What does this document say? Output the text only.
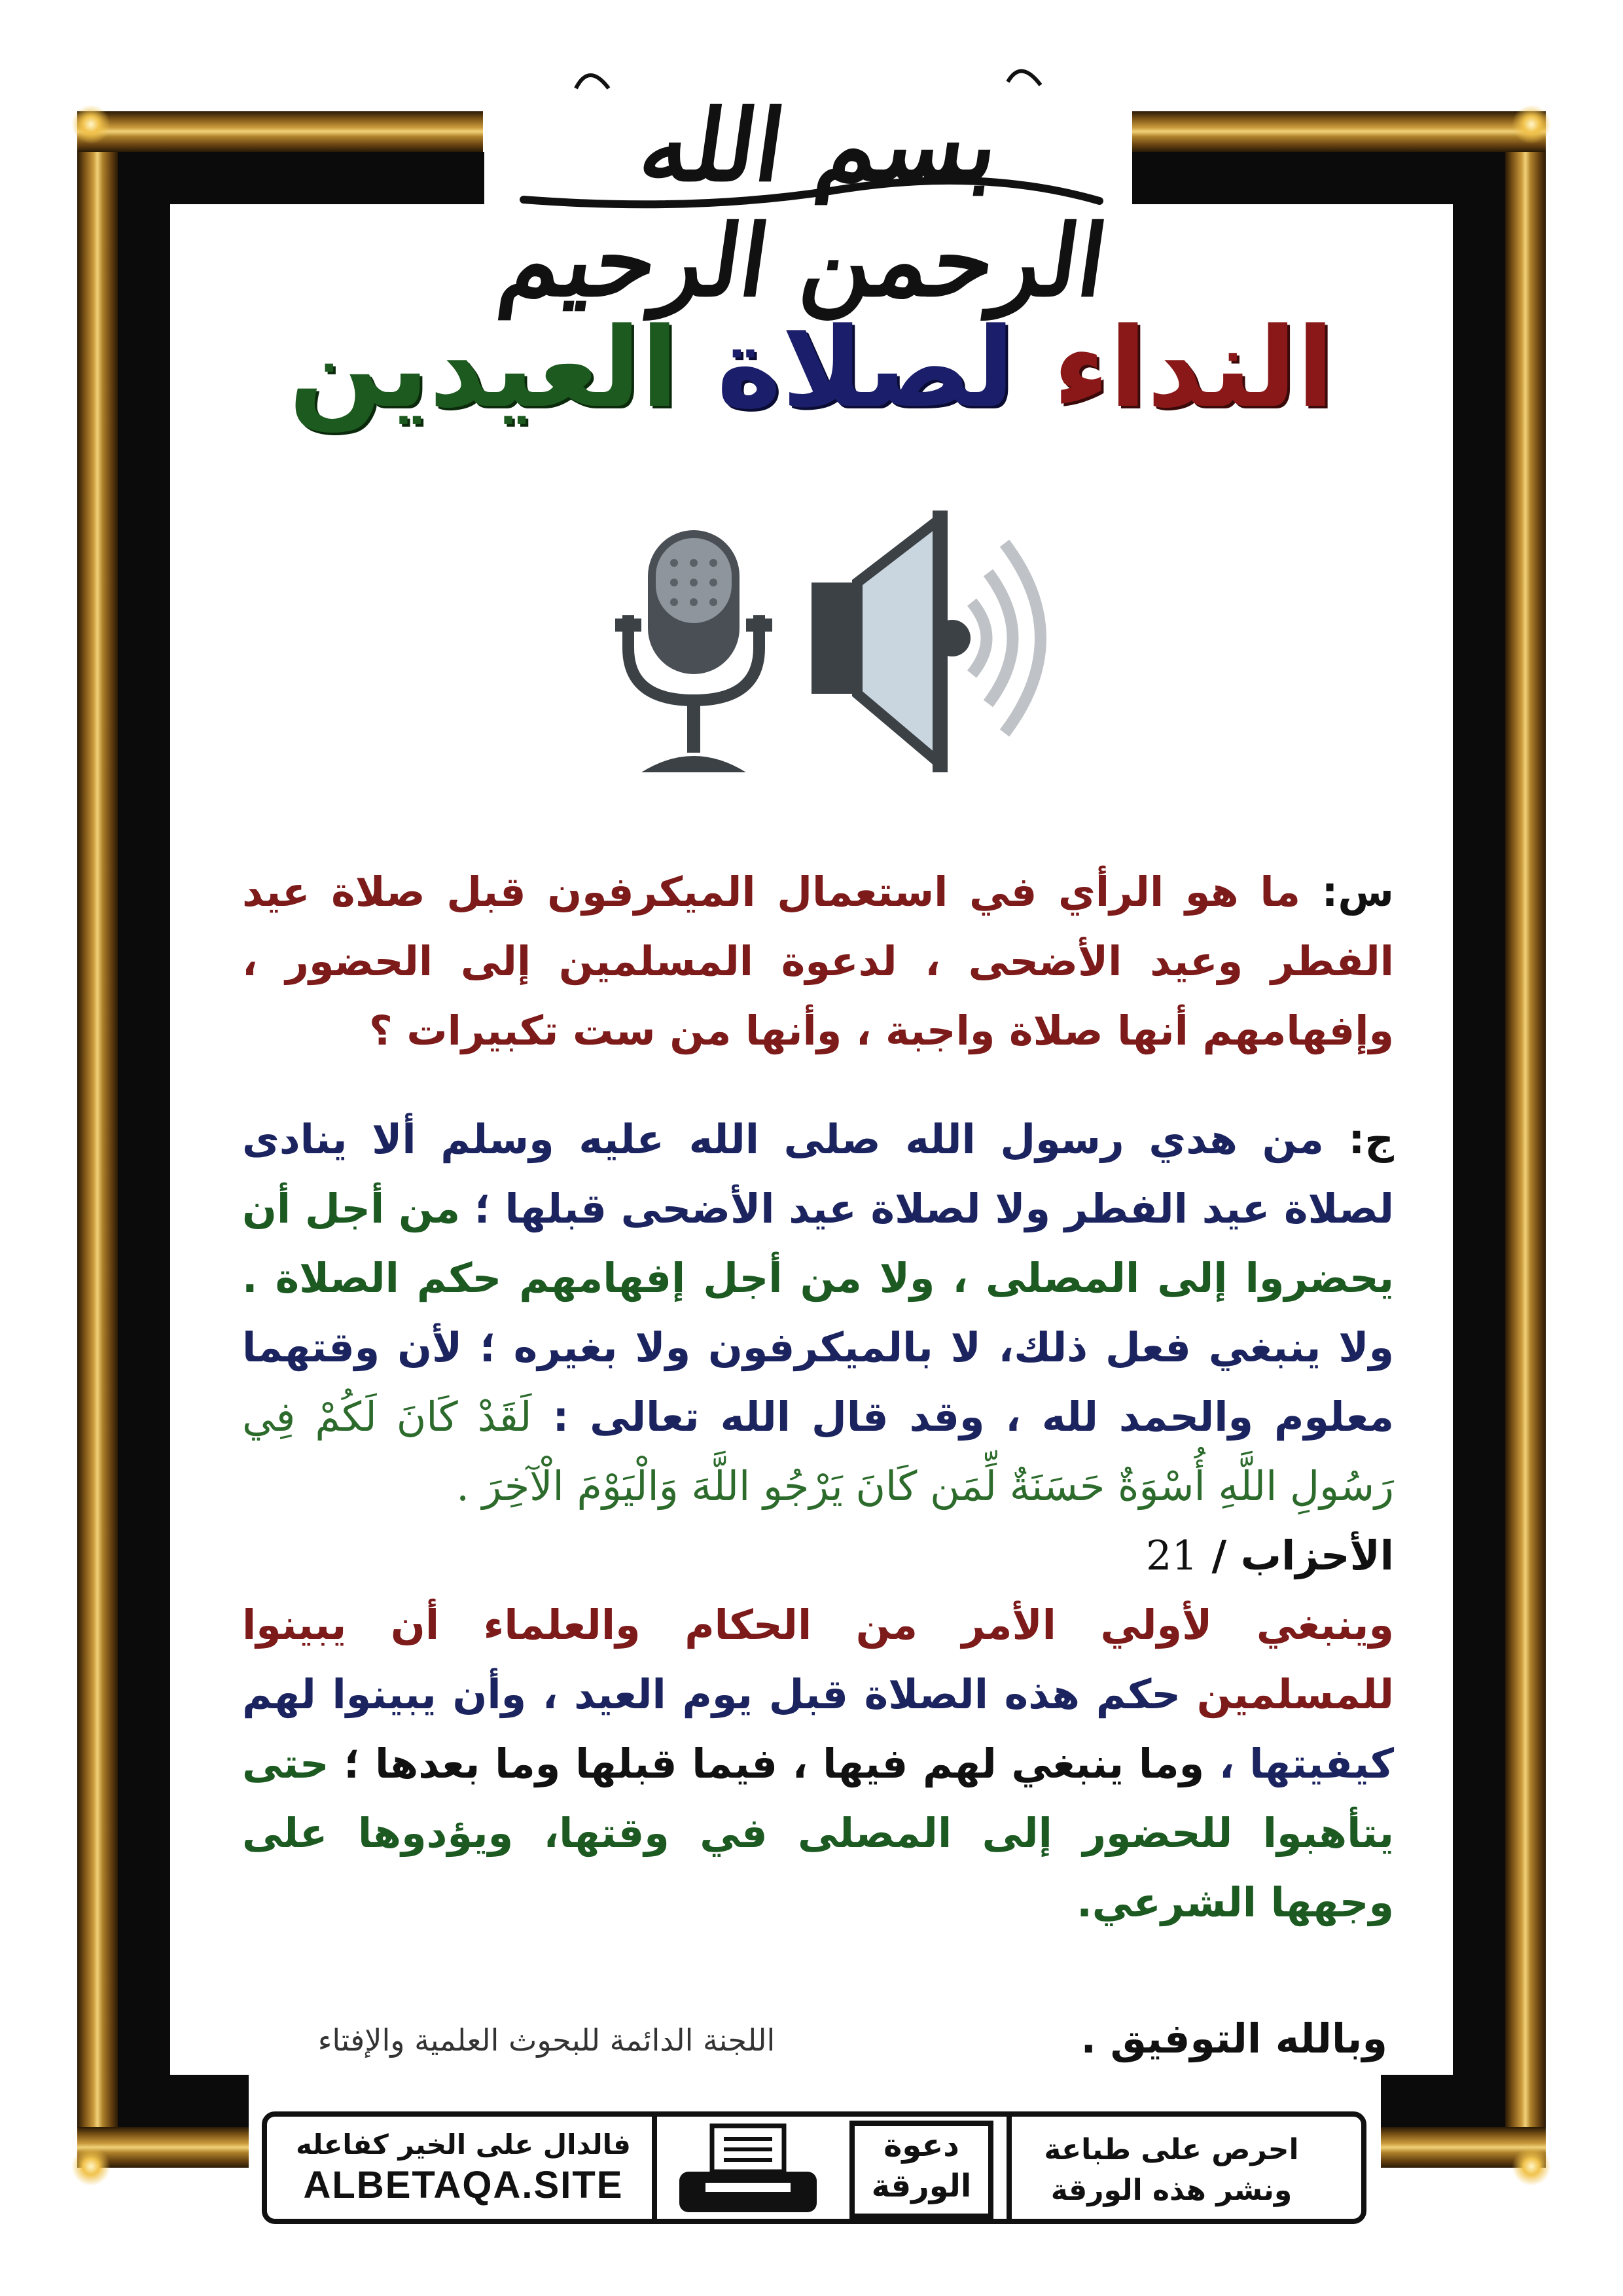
بسم الله الرحمن الرحيم
النداء لصلاة العيدين

س: ما هو الرأي في استعمال الميكرفون قبل صلاة عيد الفطر وعيد الأضحى ، لدعوة المسلمين إلى الحضور ، وإفهامهم أنها صلاة واجبة ، وأنها من ست تكبيرات ؟

ج: من هدي رسول الله صلى الله عليه وسلم ألا ينادى لصلاة عيد الفطر ولا لصلاة عيد الأضحى قبلها ؛ من أجل أن يحضروا إلى المصلى ، ولا من أجل إفهامهم حكم الصلاة . ولا ينبغي فعل ذلك، لا بالميكرفون ولا بغيره ؛ لأن وقتهما معلوم والحمد لله ، وقد قال الله تعالى : لَقَدْ كَانَ لَكُمْ فِي رَسُولِ اللَّهِ أُسْوَةٌ حَسَنَةٌ لِّمَن كَانَ يَرْجُو اللَّهَ وَالْيَوْمَ الْآخِرَ .
الأحزاب / 21
وينبغي لأولي الأمر من الحكام والعلماء أن يبينوا للمسلمين حكم هذه الصلاة قبل يوم العيد ، وأن يبينوا لهم كيفيتها ، وما ينبغي لهم فيها ، فيما قبلها وما بعدها ؛ حتى يتأهبوا للحضور إلى المصلى في وقتها، ويؤدوها على وجهها الشرعي.

وبالله التوفيق .
اللجنة الدائمة للبحوث العلمية والإفتاء
فالدال على الخير كفاعله
ALBETAQA.SITE
دعوة
الورقة
احرص على طباعة
ونشر هذه الورقة
